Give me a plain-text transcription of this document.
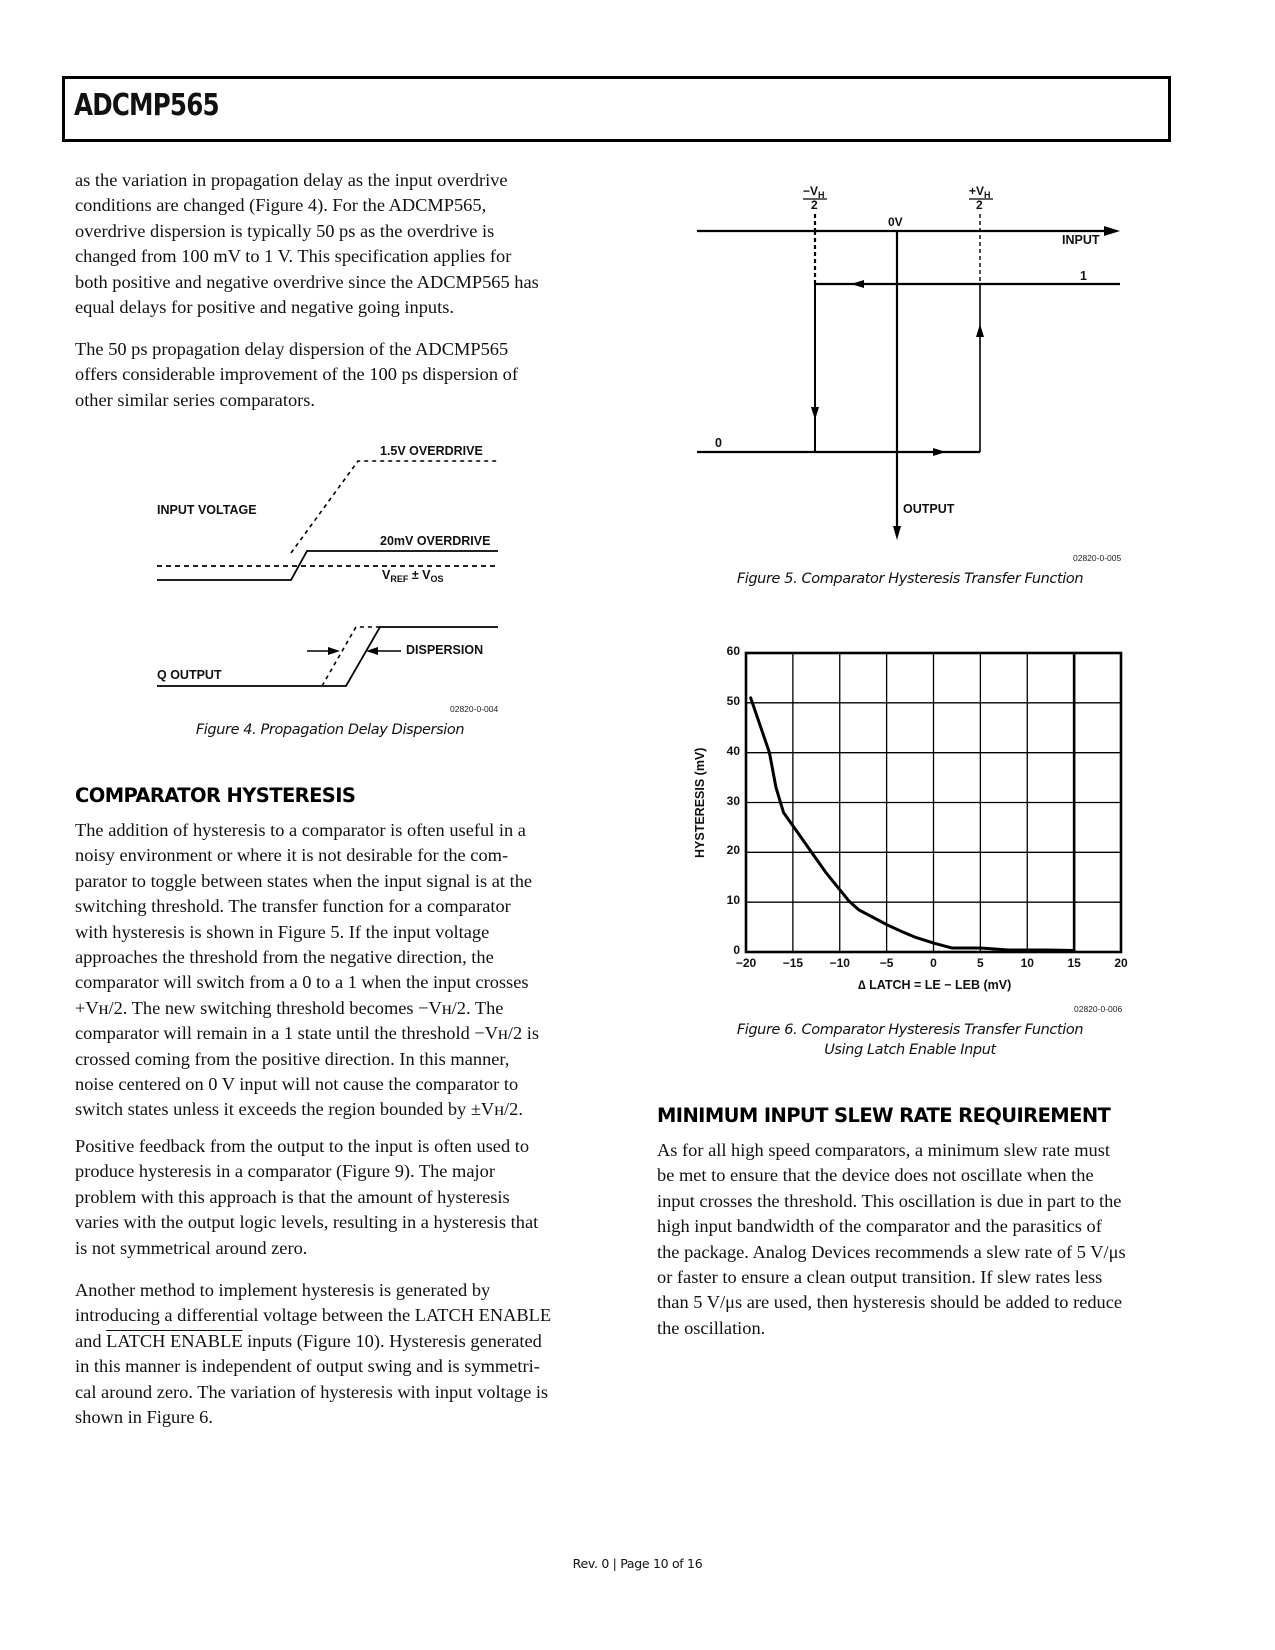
ADCMP565
as the variation in propagation delay as the input overdrive
conditions are changed (Figure 4). For the ADCMP565,
overdrive dispersion is typically 50 ps as the overdrive is
changed from 100 mV to 1 V. This specification applies for
both positive and negative overdrive since the ADCMP565 has
equal delays for positive and negative going inputs.
The 50 ps propagation delay dispersion of the ADCMP565
offers considerable improvement of the 100 ps dispersion of
other similar series comparators.
1.5V OVERDRIVE
INPUT VOLTAGE
20mV OVERDRIVE
$V_{REF} \pm V_{OS}$
Q OUTPUT
DISPERSION
02820-0-004
Figure 4. Propagation Delay Dispersion
COMPARATOR HYSTERESIS
The addition of hysteresis to a comparator is often useful in a
noisy environment or where it is not desirable for the com-
parator to toggle between states when the input signal is at the
switching threshold. The transfer function for a comparator
with hysteresis is shown in Figure 5. If the input voltage
approaches the threshold from the negative direction, the
comparator will switch from a 0 to a 1 when the input crosses
+Vʜ/2. The new switching threshold becomes −Vʜ/2. The
comparator will remain in a 1 state until the threshold −Vʜ/2 is
crossed coming from the positive direction. In this manner,
noise centered on 0 V input will not cause the comparator to
switch states unless it exceeds the region bounded by ±Vʜ/2.
Positive feedback from the output to the input is often used to
produce hysteresis in a comparator (Figure 9). The major
problem with this approach is that the amount of hysteresis
varies with the output logic levels, resulting in a hysteresis that
is not symmetrical around zero.
Another method to implement hysteresis is generated by
introducing a differential voltage between the LATCH ENABLE
and LATCH ENABLE inputs (Figure 10). Hysteresis generated
in this manner is independent of output swing and is symmetri-
cal around zero. The variation of hysteresis with input voltage is
shown in Figure 6.
$-V_H$
2
$+V_H$
2
0V
INPUT
1
0
OUTPUT
02820-0-005
Figure 5. Comparator Hysteresis Transfer Function
0
10
20
30
40
50
60
−20	−15	−10	−5	0	5	10	15	20
HYSTERESIS (mV)
∆ LATCH = LE − LEB (mV)
02820-0-006
Figure 6. Comparator Hysteresis Transfer Function
Using Latch Enable Input
MINIMUM INPUT SLEW RATE REQUIREMENT
As for all high speed comparators, a minimum slew rate must
be met to ensure that the device does not oscillate when the
input crosses the threshold. This oscillation is due in part to the
high input bandwidth of the comparator and the parasitics of
the package. Analog Devices recommends a slew rate of 5 V/μs
or faster to ensure a clean output transition. If slew rates less
than 5 V/μs are used, then hysteresis should be added to reduce
the oscillation.
Rev. 0 | Page 10 of 16
